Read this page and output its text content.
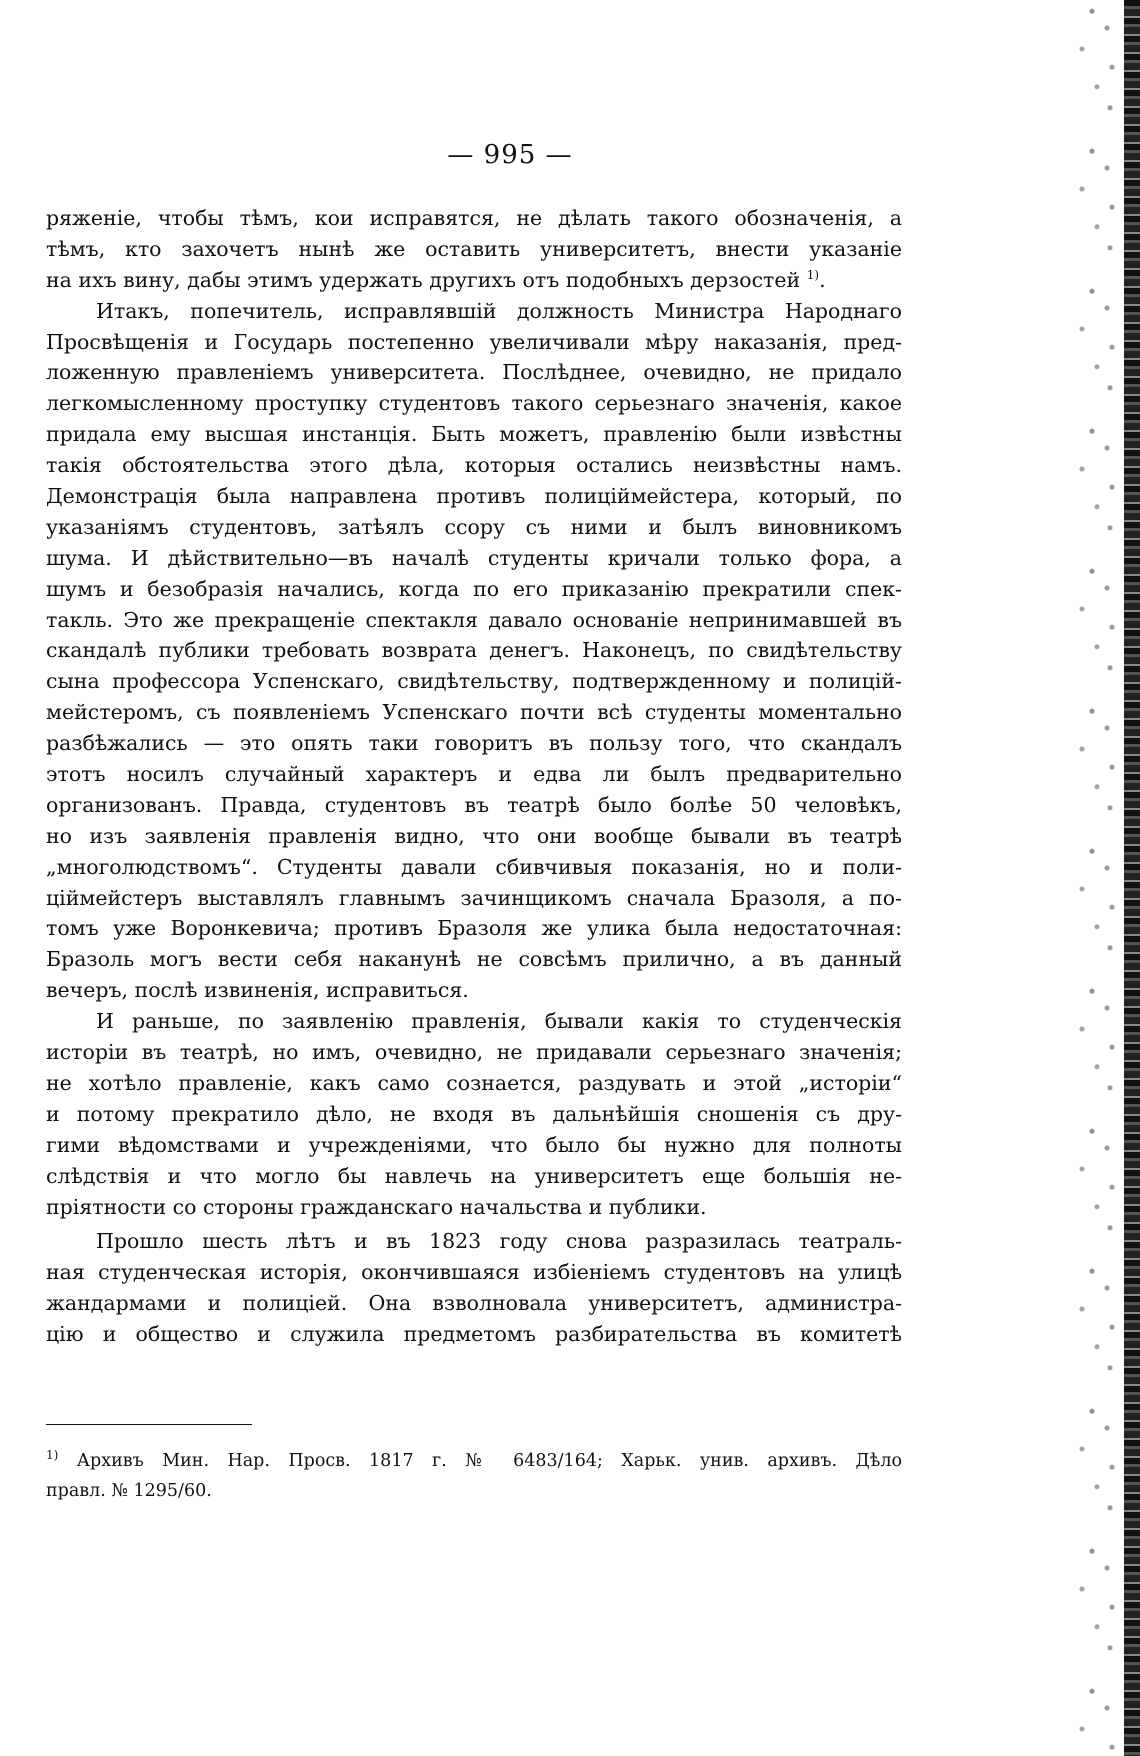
— 995 —
ряженіе, чтобы тѣмъ, кои исправятся, не дѣлать такого обозначенія, а
тѣмъ, кто захочетъ нынѣ же оставить университетъ, внести указаніе
на ихъ вину, дабы этимъ удержать другихъ отъ подобныхъ дерзостей $^{1)}$.
Итакъ, попечитель, исправлявшій должность Министра Народнаго
Просвѣщенія и Государь постепенно увеличивали мѣру наказанія, пред-
ложенную правленіемъ университета. Послѣднее, очевидно, не придало
легкомысленному проступку студентовъ такого серьезнаго значенія, какое
придала ему высшая инстанція. Быть можетъ, правленію были извѣстны
такія обстоятельства этого дѣла, которыя остались неизвѣстны намъ.
Демонстрація была направлена противъ полиціймейстера, который, по
указаніямъ студентовъ, затѣялъ ссору съ ними и былъ виновникомъ
шума. И дѣйствительно—въ началѣ студенты кричали только фора, а
шумъ и безобразія начались, когда по его приказанію прекратили спек-
такль. Это же прекращеніе спектакля давало основаніе непринимавшей въ
скандалѣ публики требовать возврата денегъ. Наконецъ, по свидѣтельству
сына профессора Успенскаго, свидѣтельству, подтвержденному и полицій-
мейстеромъ, съ появленіемъ Успенскаго почти всѣ студенты моментально
разбѣжались — это опять таки говоритъ въ пользу того, что скандалъ
этотъ носилъ случайный характеръ и едва ли былъ предварительно
организованъ. Правда, студентовъ въ театрѣ было болѣе 50 человѣкъ,
но изъ заявленія правленія видно, что они вообще бывали въ театрѣ
„многолюдствомъ“. Студенты давали сбивчивыя показанія, но и поли-
ціймейстеръ выставлялъ главнымъ зачинщикомъ сначала Бразоля, а по-
томъ уже Воронкевича; противъ Бразоля же улика была недостаточная:
Бразоль могъ вести себя наканунѣ не совсѣмъ прилично, а въ данный
вечеръ, послѣ извиненія, исправиться.
И раньше, по заявленію правленія, бывали какія то студенческія
исторіи въ театрѣ, но имъ, очевидно, не придавали серьезнаго значенія;
не хотѣло правленіе, какъ само сознается, раздувать и этой „исторіи“
и потому прекратило дѣло, не входя въ дальнѣйшія сношенія съ дру-
гими вѣдомствами и учрежденіями, что было бы нужно для полноты
слѣдствія и что могло бы навлечь на университетъ еще большія не-
пріятности со стороны гражданскаго начальства и публики.
Прошло шесть лѣтъ и въ 1823 году снова разразилась театраль-
ная студенческая исторія, окончившаяся избіеніемъ студентовъ на улицѣ
жандармами и полиціей. Она взволновала университетъ, администра-
цію и общество и служила предметомъ разбирательства въ комитетѣ
$^{1)}$ Архивъ Мин. Нар. Просв. 1817 г. № 6483/164; Харьк. унив. архивъ. Дѣло
правл. № 1295/60.
